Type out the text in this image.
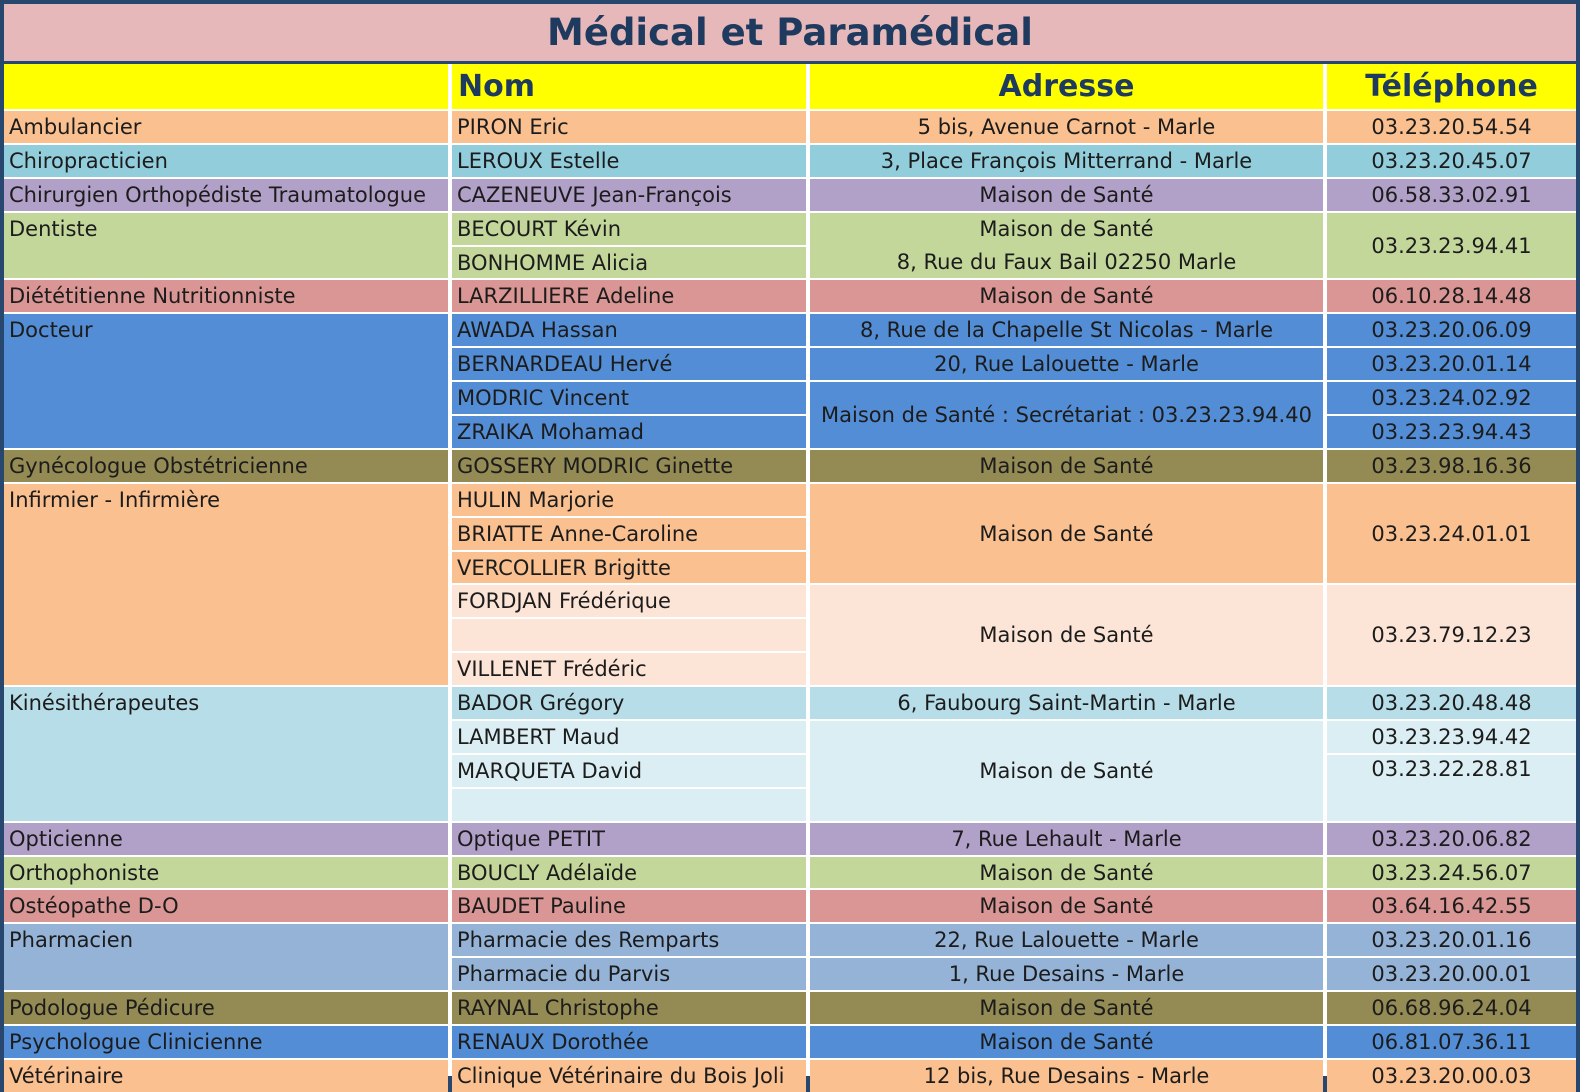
Médical et Paramédical
Nom	Adresse	Téléphone
Ambulancier
Chiropracticien
Chirurgien Orthopédiste Traumatologue
Dentiste
Diététitienne Nutritionniste
Docteur
Gynécologue Obstétricienne
Infirmier - Infirmière
Kinésithérapeutes
Opticienne
Orthophoniste
Ostéopathe D-O
Pharmacien
Podologue Pédicure
Psychologue Clinicienne
Vétérinaire
PIRON Eric
LEROUX Estelle
CAZENEUVE Jean-François
BECOURT Kévin
BONHOMME Alicia
LARZILLIERE Adeline
AWADA Hassan
BERNARDEAU Hervé
MODRIC Vincent
ZRAIKA Mohamad
GOSSERY MODRIC Ginette
HULIN Marjorie
BRIATTE Anne-Caroline
VERCOLLIER Brigitte
FORDJAN Frédérique
VILLENET Frédéric
BADOR Grégory
LAMBERT Maud
MARQUETA David
Optique PETIT
BOUCLY Adélaïde
BAUDET Pauline
Pharmacie des Remparts
Pharmacie du Parvis
RAYNAL Christophe
RENAUX Dorothée
Clinique Vétérinaire du Bois Joli
5 bis, Avenue Carnot - Marle
3, Place François Mitterrand - Marle
Maison de Santé
Maison de Santé
8, Rue du Faux Bail 02250 Marle
Maison de Santé
8, Rue de la Chapelle St Nicolas - Marle
20, Rue Lalouette - Marle
Maison de Santé : Secrétariat : 03.23.23.94.40
Maison de Santé
Maison de Santé
Maison de Santé
6, Faubourg Saint-Martin - Marle
Maison de Santé
7, Rue Lehault - Marle
Maison de Santé
Maison de Santé
22, Rue Lalouette - Marle
1, Rue Desains - Marle
Maison de Santé
Maison de Santé
12 bis, Rue Desains - Marle
03.23.20.54.54
03.23.20.45.07
06.58.33.02.91
03.23.23.94.41
06.10.28.14.48
03.23.20.06.09
03.23.20.01.14
03.23.24.02.92
03.23.23.94.43
03.23.98.16.36
03.23.24.01.01
03.23.79.12.23
03.23.20.48.48
03.23.23.94.42
03.23.22.28.81
03.23.20.06.82
03.23.24.56.07
03.64.16.42.55
03.23.20.01.16
03.23.20.00.01
06.68.96.24.04
06.81.07.36.11
03.23.20.00.03
